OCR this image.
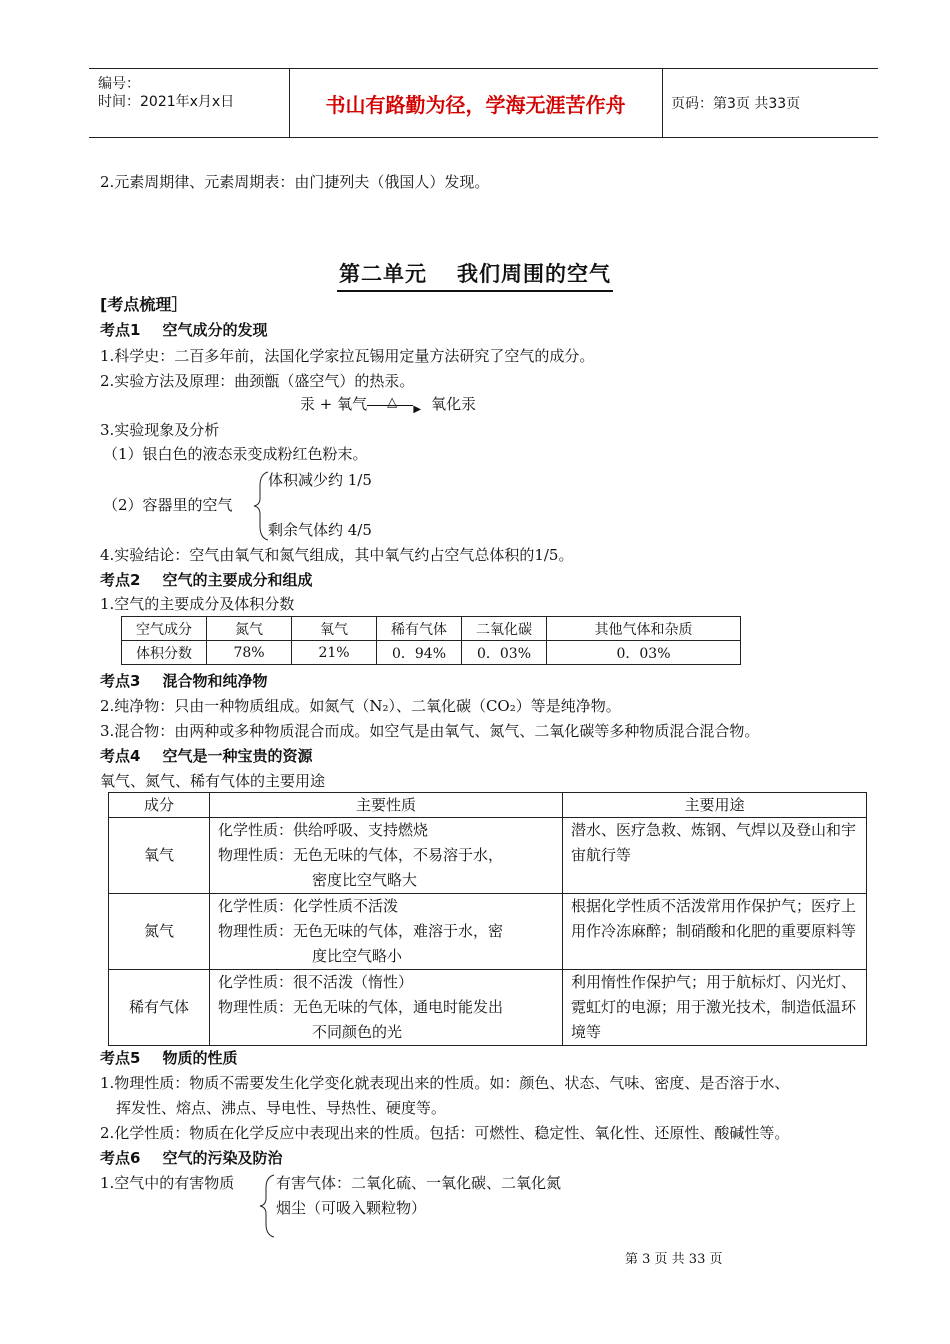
编号：
时间：2021年x月x日	书山有路勤为径，学海无涯苦作舟	页码：第3页 共33页
2.元素周期律、元素周期表：由门捷列夫（俄国人）发现。
第二单元 我们周围的空气
[考点梳理］
考点1 空气成分的发现
1.科学史：二百多年前，法国化学家拉瓦锡用定量方法研究了空气的成分。
2.实验方法及原理：曲颈甑（盛空气）的热汞。
汞 + 氧气	▶
△ 氧化汞
3.实验现象及分析
（1）银白色的液态汞变成粉红色粉末。
（2）容器里的空气
体积减少约 1/5
剩余气体约 4/5
4.实验结论：空气由氧气和氮气组成，其中氧气约占空气总体积的1/5。
考点2 空气的主要成分和组成
1.空气的主要成分及体积分数
空气成分	氮气	氧气	稀有气体	二氧化碳	其他气体和杂质
体积分数	78%	21%	0．94%	0．03%	0．03%
考点3 混合物和纯净物
2.纯净物：只由一种物质组成。如氮气（N₂）、二氧化碳（CO₂）等是纯净物。
3.混合物：由两种或多种物质混合而成。如空气是由氧气、氮气、二氧化碳等多种物质混合混合物。
考点4 空气是一种宝贵的资源
氧气、氮气、稀有气体的主要用途
成分	主要性质	主要用途
氧气	化学性质：供给呼吸、支持燃烧
物理性质：无色无味的气体，不易溶于水，
密度比空气略大	潜水、医疗急救、炼钢、气焊以及登山和宇宙航行等
氮气	化学性质：化学性质不活泼
物理性质：无色无味的气体，难溶于水，密
度比空气略小	根据化学性质不活泼常用作保护气；医疗上用作冷冻麻醉；制硝酸和化肥的重要原料等
稀有气体	化学性质：很不活泼（惰性）
物理性质：无色无味的气体，通电时能发出
不同颜色的光	利用惰性作保护气；用于航标灯、闪光灯、霓虹灯的电源；用于激光技术，制造低温环境等
考点5 物质的性质
1.物理性质：物质不需要发生化学变化就表现出来的性质。如：颜色、状态、气味、密度、是否溶于水、
挥发性、熔点、沸点、导电性、导热性、硬度等。
2.化学性质：物质在化学反应中表现出来的性质。包括：可燃性、稳定性、氧化性、还原性、酸碱性等。
考点6 空气的污染及防治
1.空气中的有害物质	有害气体：二氧化硫、一氧化碳、二氧化氮
烟尘（可吸入颗粒物）
第 3 页 共 33 页
